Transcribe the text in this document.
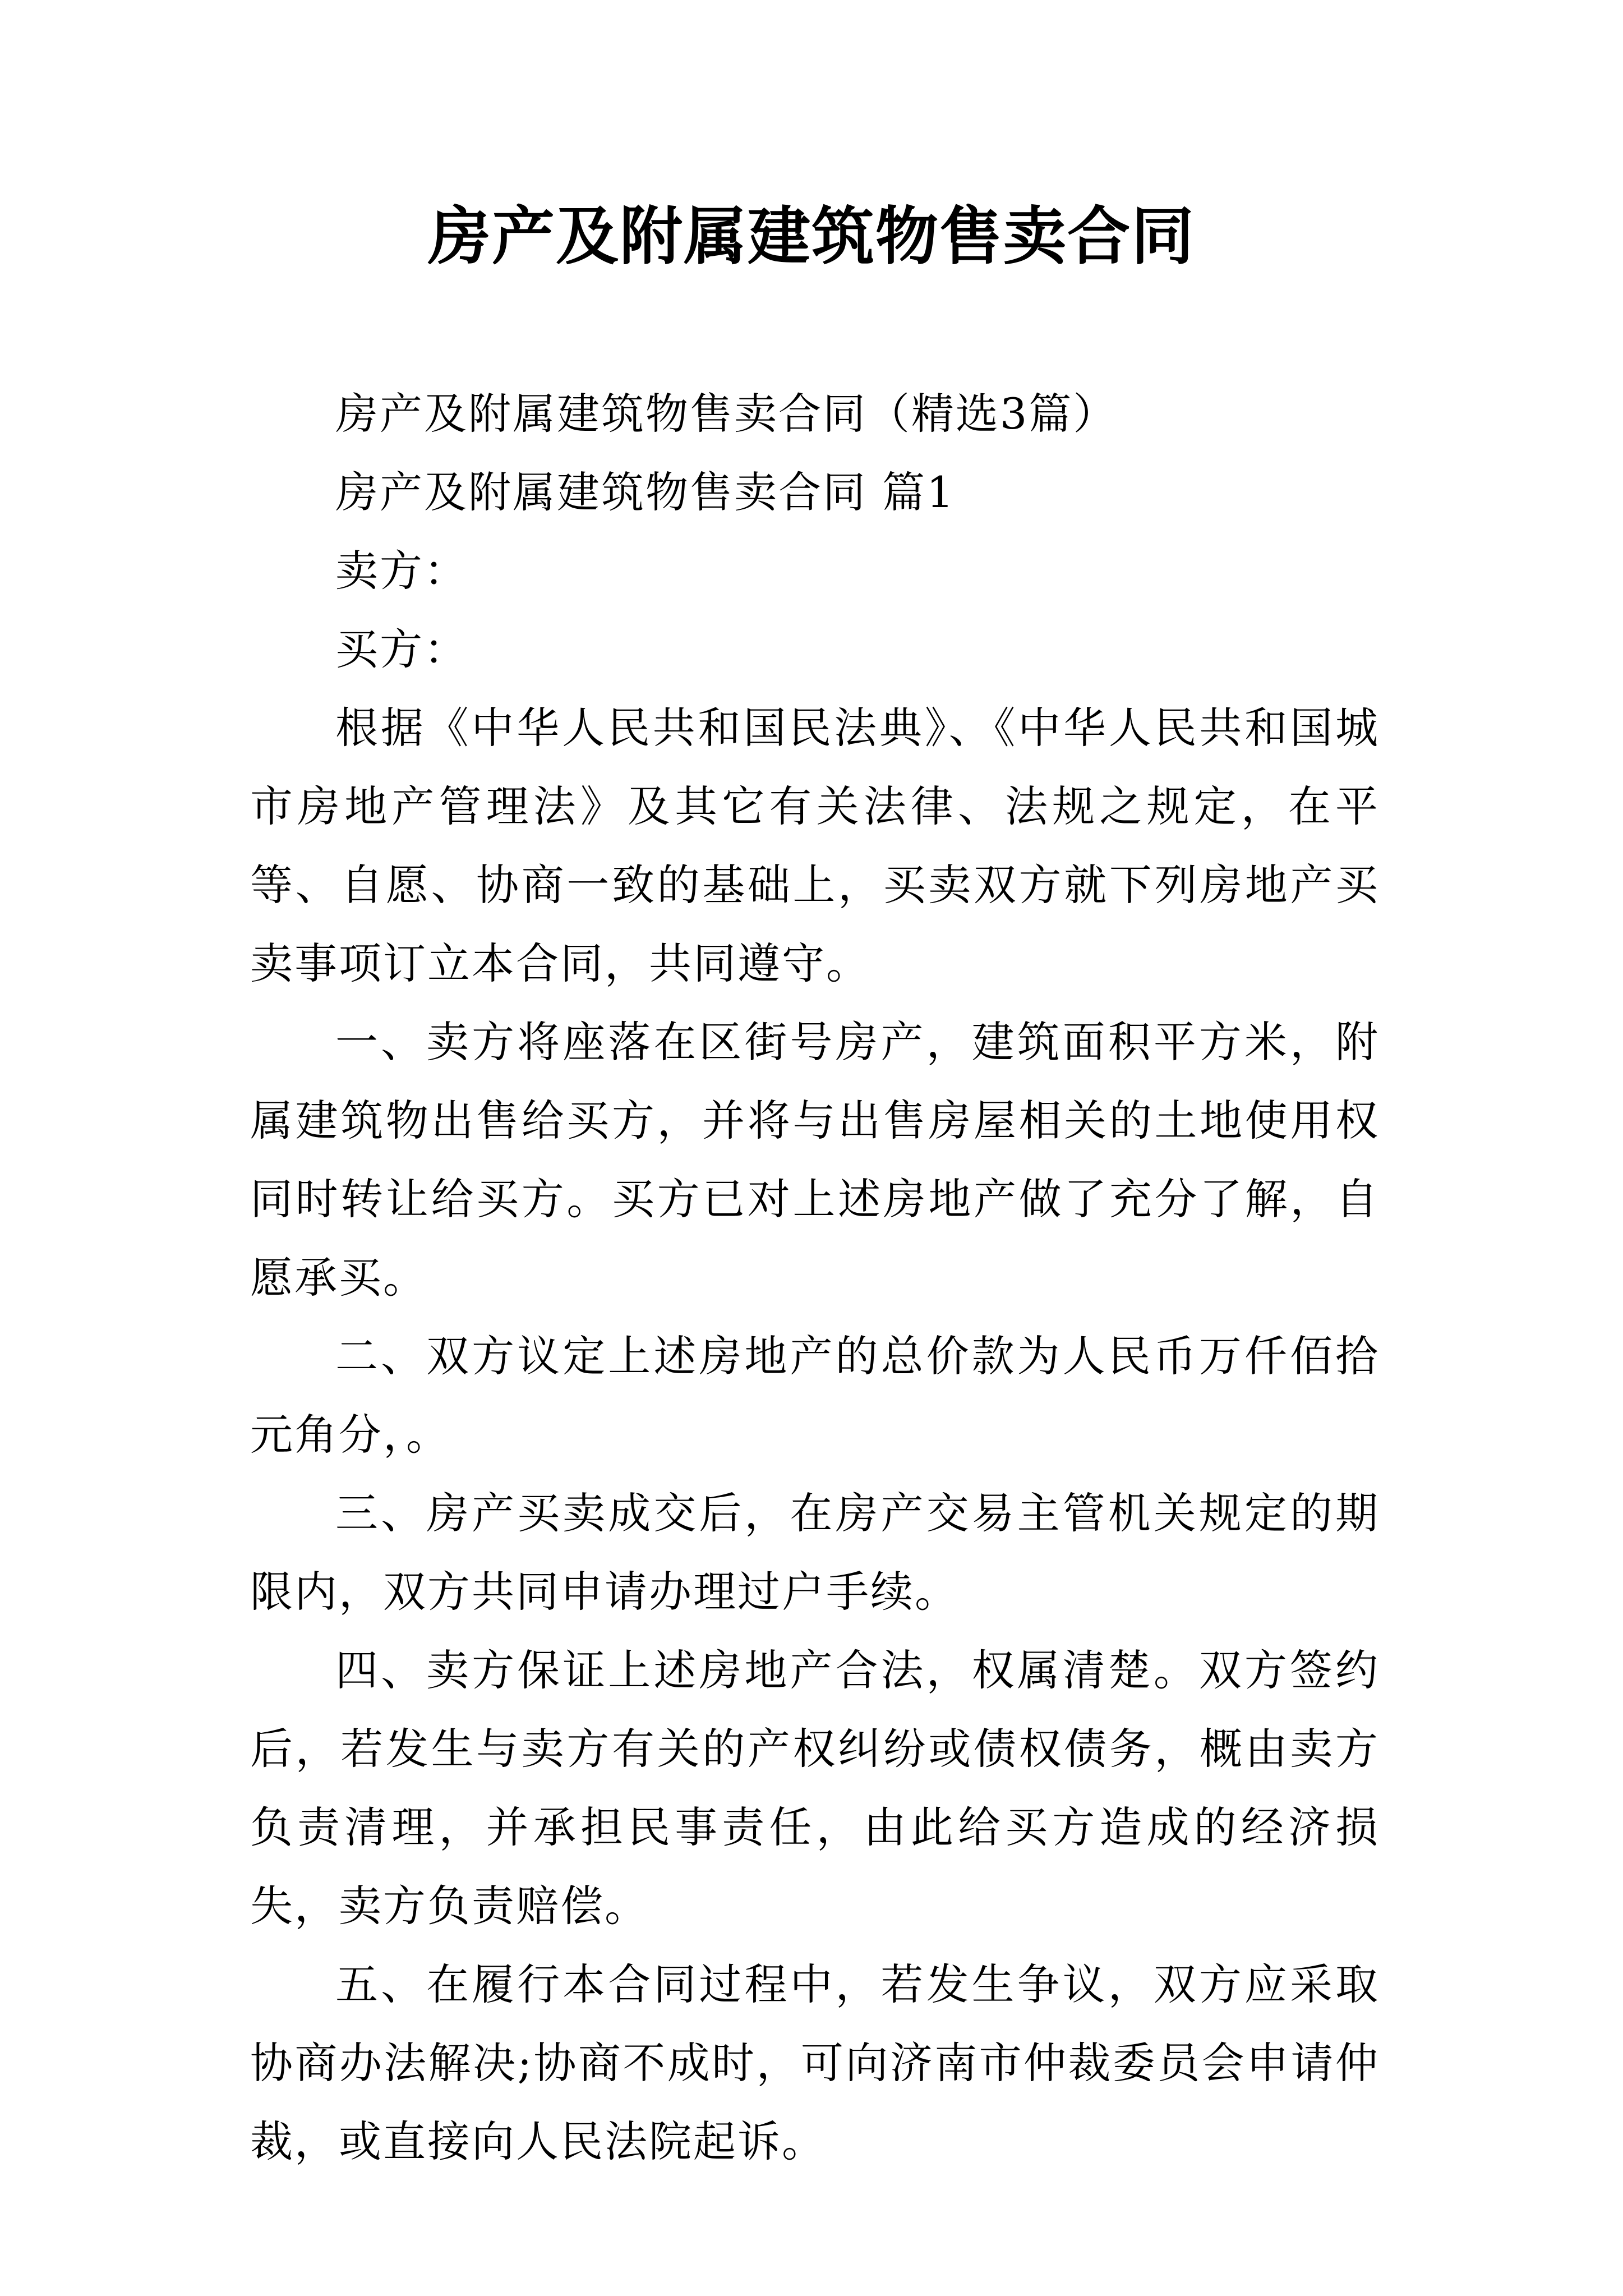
房产及附属建筑物售卖合同

房产及附属建筑物售卖合同（精选3篇）

房产及附属建筑物售卖合同 篇1

卖方：

买方：

根据《中华人民共和国民法典》、《中华人民共和国城市房地产管理法》及其它有关法律、法规之规定，在平等、自愿、协商一致的基础上，买卖双方就下列房地产买卖事项订立本合同，共同遵守。

一、卖方将座落在区街号房产，建筑面积平方米，附属建筑物出售给买方，并将与出售房屋相关的土地使用权同时转让给买方。买方已对上述房地产做了充分了解，自愿承买。

二、双方议定上述房地产的总价款为人民币万仟佰拾元角分，。

三、房产买卖成交后，在房产交易主管机关规定的期限内，双方共同申请办理过户手续。

四、卖方保证上述房地产合法，权属清楚。双方签约后，若发生与卖方有关的产权纠纷或债权债务，概由卖方负责清理，并承担民事责任，由此给买方造成的经济损失，卖方负责赔偿。

五、在履行本合同过程中，若发生争议，双方应采取协商办法解决;协商不成时，可向济南市仲裁委员会申请仲裁，或直接向人民法院起诉。
